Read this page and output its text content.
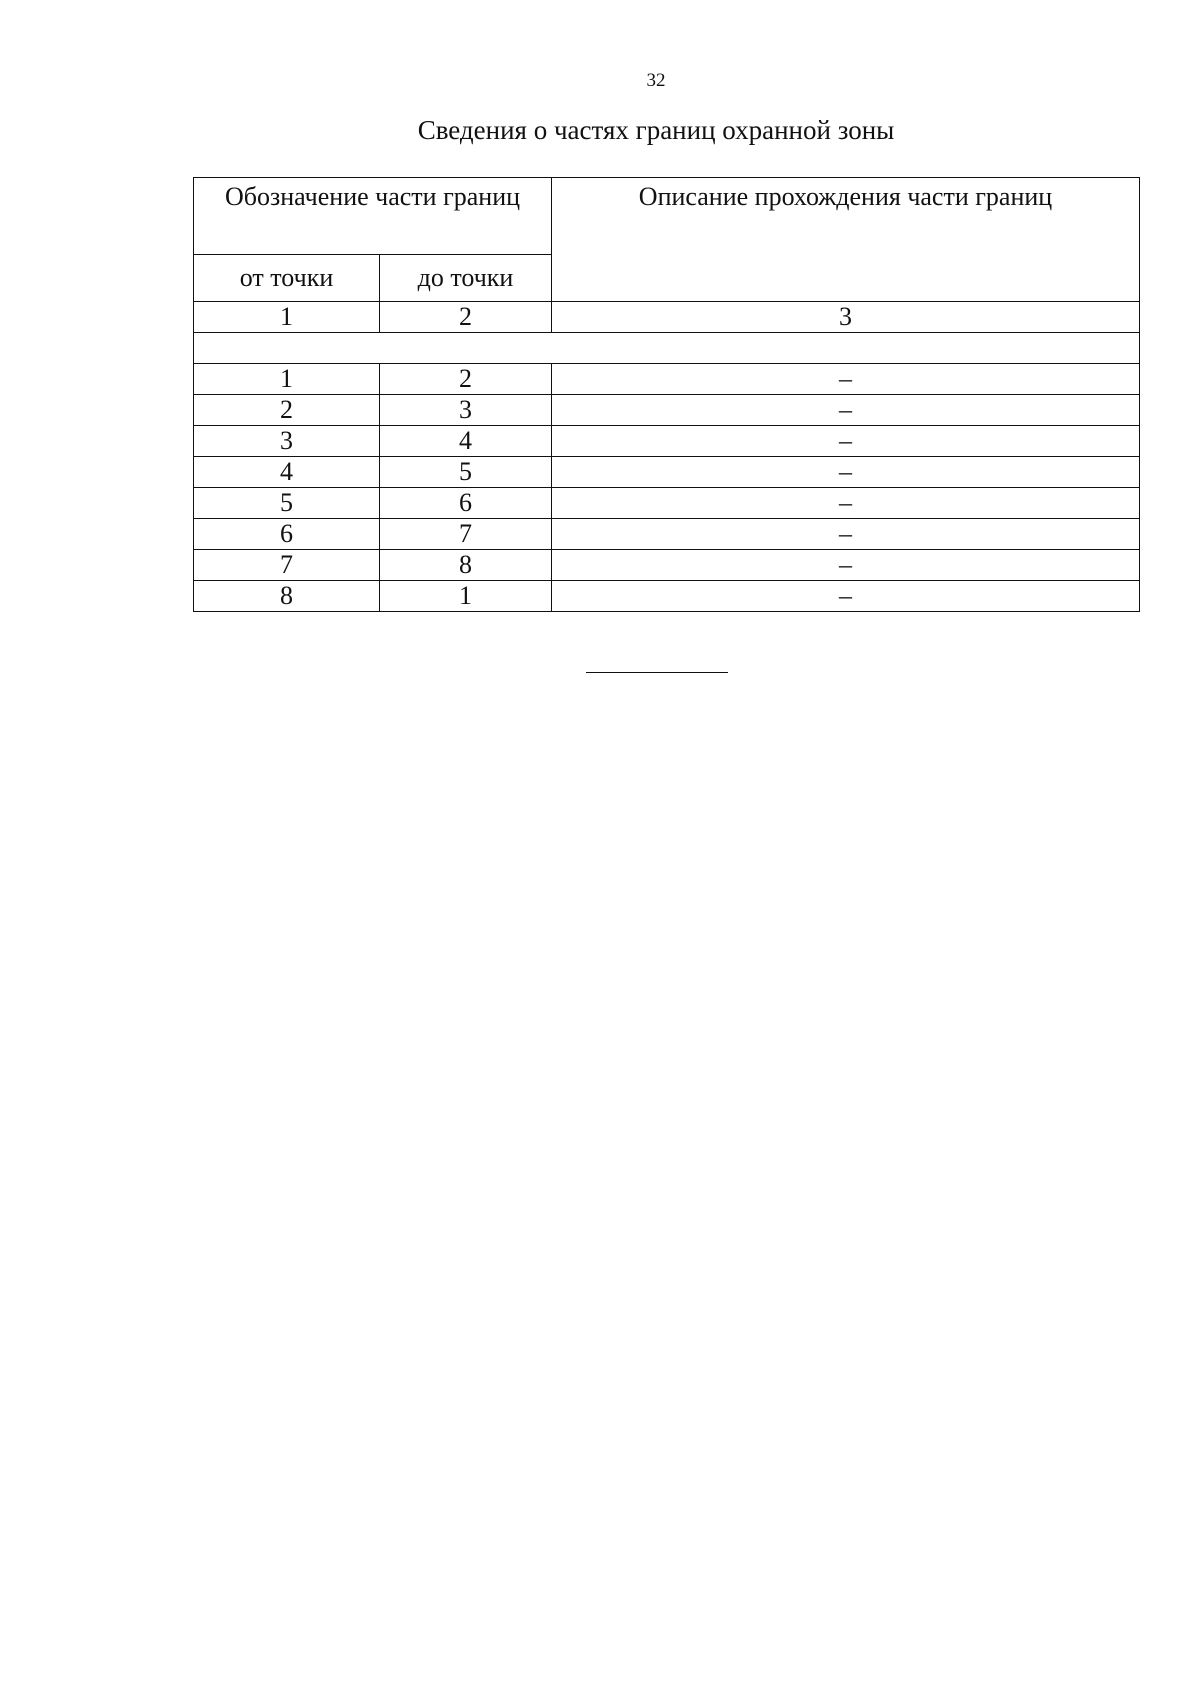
32
Сведения о частях границ охранной зоны
Обозначение части границ		Описание прохождения части границ
от точки	до точки	
1	2	3

1	2	–
2	3	–
3	4	–
4	5	–
5	6	–
6	7	–
7	8	–
8	1	–
